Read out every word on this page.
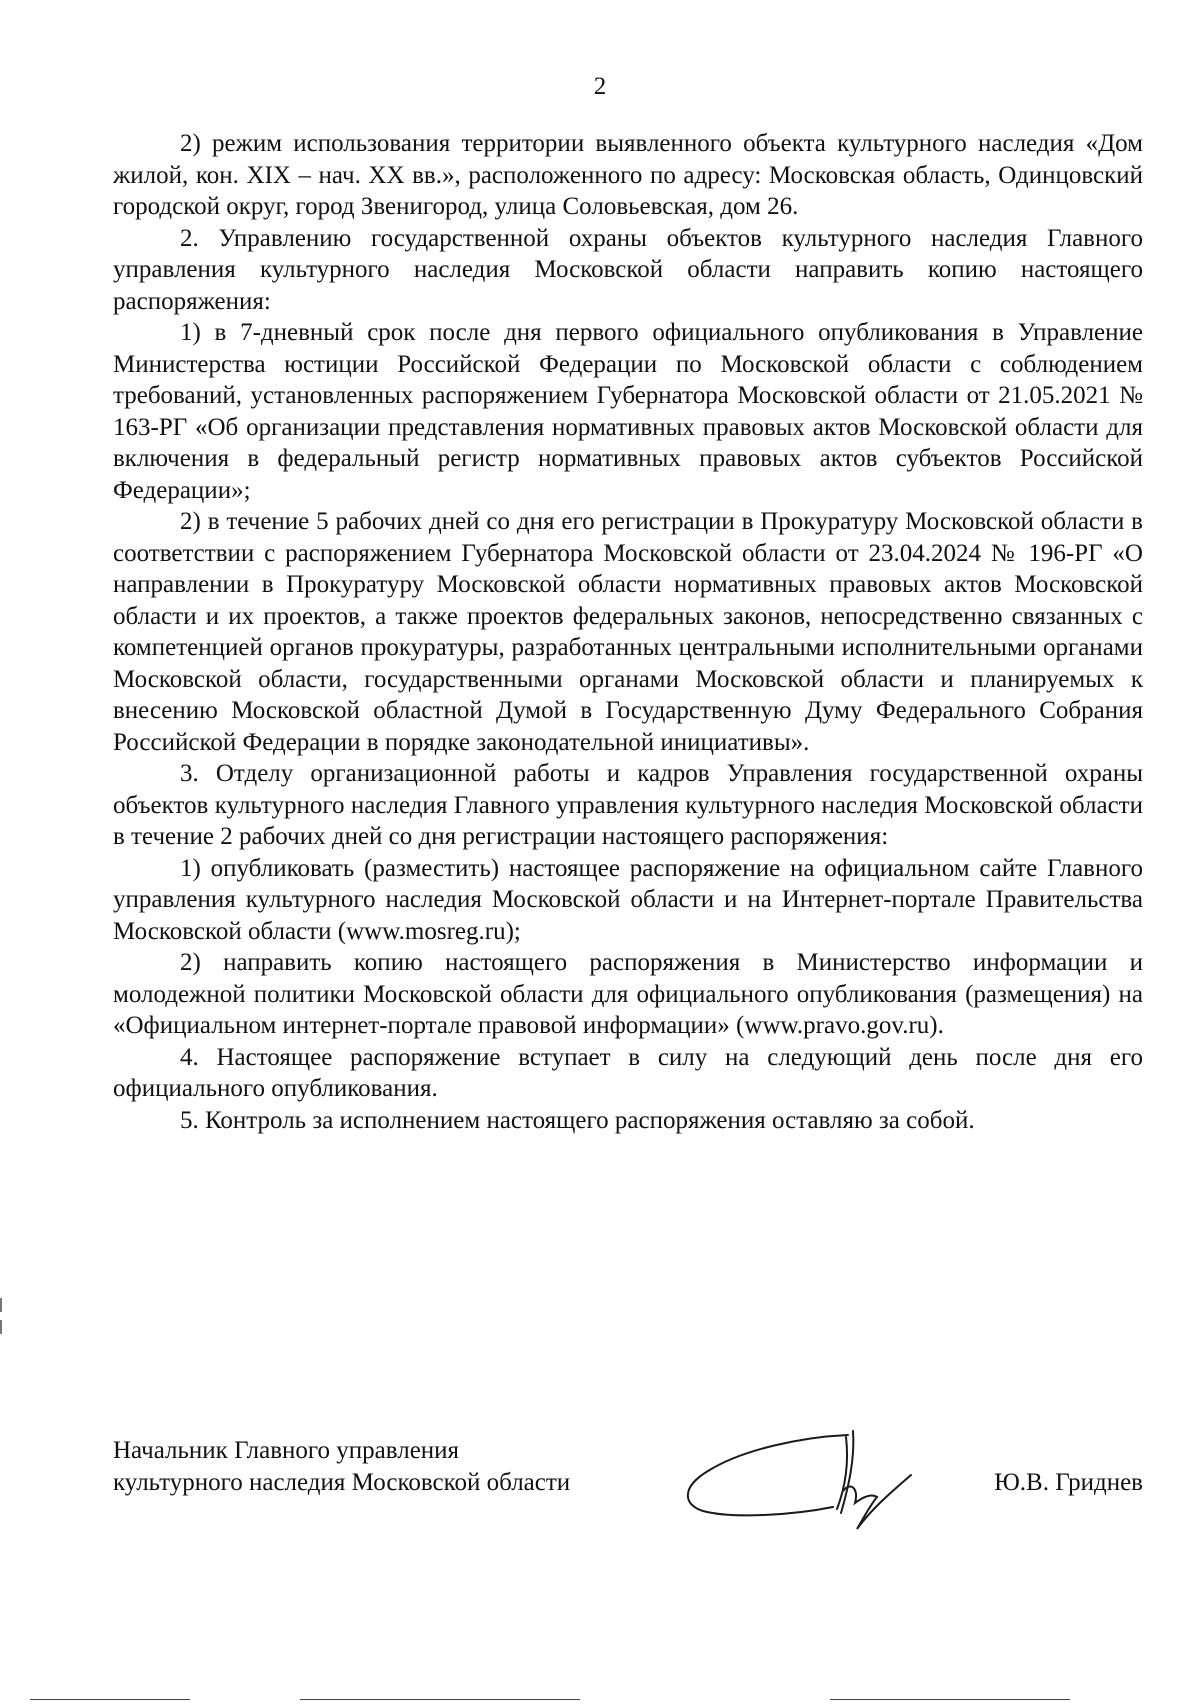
2

2) режим использования территории выявленного объекта культурного наследия «Дом жилой, кон. XIX – нач. XX вв.», расположенного по адресу: Московская область, Одинцовский городской округ, город Звенигород, улица Соловьевская, дом 26.

2. Управлению государственной охраны объектов культурного наследия Главного управления культурного наследия Московской области направить копию настоящего распоряжения:

1) в 7-дневный срок после дня первого официального опубликования в Управление Министерства юстиции Российской Федерации по Московской области с соблюдением требований, установленных распоряжением Губернатора Московской области от 21.05.2021 № 163-РГ «Об организации представления нормативных правовых актов Московской области для включения в федеральный регистр нормативных правовых актов субъектов Российской Федерации»;

2) в течение 5 рабочих дней со дня его регистрации в Прокуратуру Московской области в соответствии с распоряжением Губернатора Московской области от 23.04.2024 № 196-РГ «О направлении в Прокуратуру Московской области нормативных правовых актов Московской области и их проектов, а также проектов федеральных законов, непосредственно связанных с компетенцией органов прокуратуры, разработанных центральными исполнительными органами Московской области, государственными органами Московской области и планируемых к внесению Московской областной Думой в Государственную Думу Федерального Собрания Российской Федерации в порядке законодательной инициативы».

3. Отделу организационной работы и кадров Управления государственной охраны объектов культурного наследия Главного управления культурного наследия Московской области в течение 2 рабочих дней со дня регистрации настоящего распоряжения:

1) опубликовать (разместить) настоящее распоряжение на официальном сайте Главного управления культурного наследия Московской области и на Интернет-портале Правительства Московской области (www.mosreg.ru);

2) направить копию настоящего распоряжения в Министерство информации и молодежной политики Московской области для официального опубликования (размещения) на «Официальном интернет-портале правовой информации» (www.pravo.gov.ru).

4. Настоящее распоряжение вступает в силу на следующий день после дня его официального опубликования.

5. Контроль за исполнением настоящего распоряжения оставляю за собой.

Начальник Главного управления
культурного наследия Московской области	Ю.В. Гриднев
